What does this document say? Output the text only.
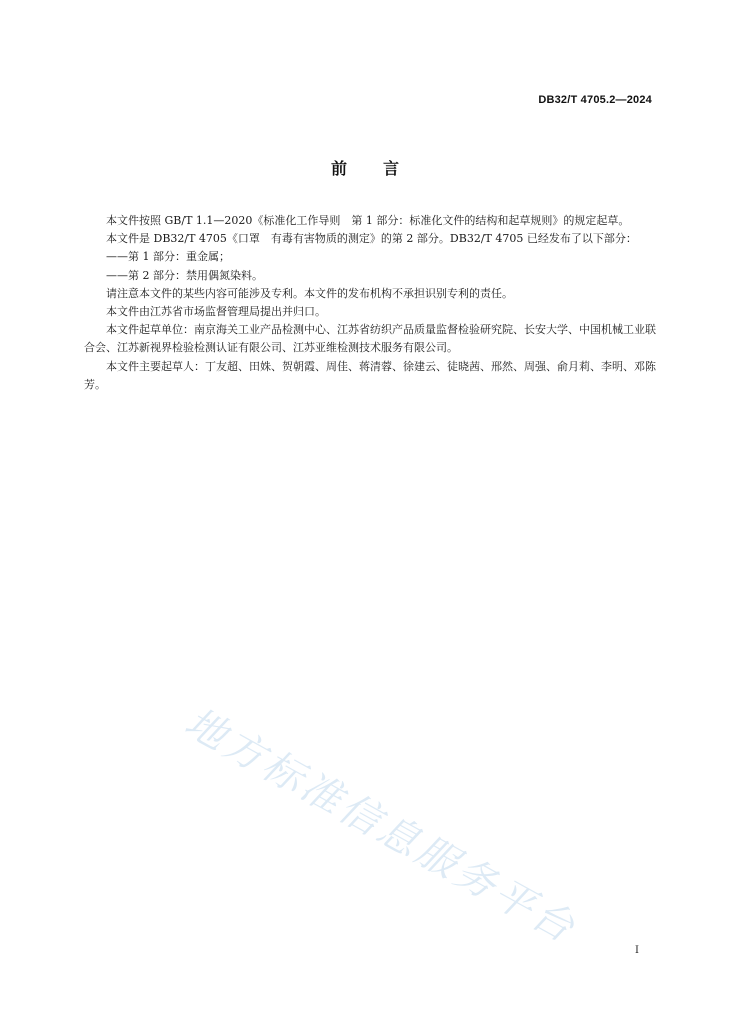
DB32/T 4705.2—2024
前言

本文件按照 GB/T 1.1—2020《标准化工作导则　第 1 部分：标准化文件的结构和起草规则》的规定起草。

本文件是 DB32/T 4705《口罩　有毒有害物质的测定》的第 2 部分。DB32/T 4705 已经发布了以下部分：

——第 1 部分：重金属；

——第 2 部分：禁用偶氮染料。

请注意本文件的某些内容可能涉及专利。本文件的发布机构不承担识别专利的责任。

本文件由江苏省市场监督管理局提出并归口。

本文件起草单位：南京海关工业产品检测中心、江苏省纺织产品质量监督检验研究院、长安大学、中国机械工业联合会、江苏新视界检验检测认证有限公司、江苏亚维检测技术服务有限公司。

本文件主要起草人：丁友超、田姝、贺朝霞、周佳、蒋清蓉、徐建云、徒晓茜、邢然、周强、俞月莉、李明、邓陈芳。

地方标准信息服务平台	I
